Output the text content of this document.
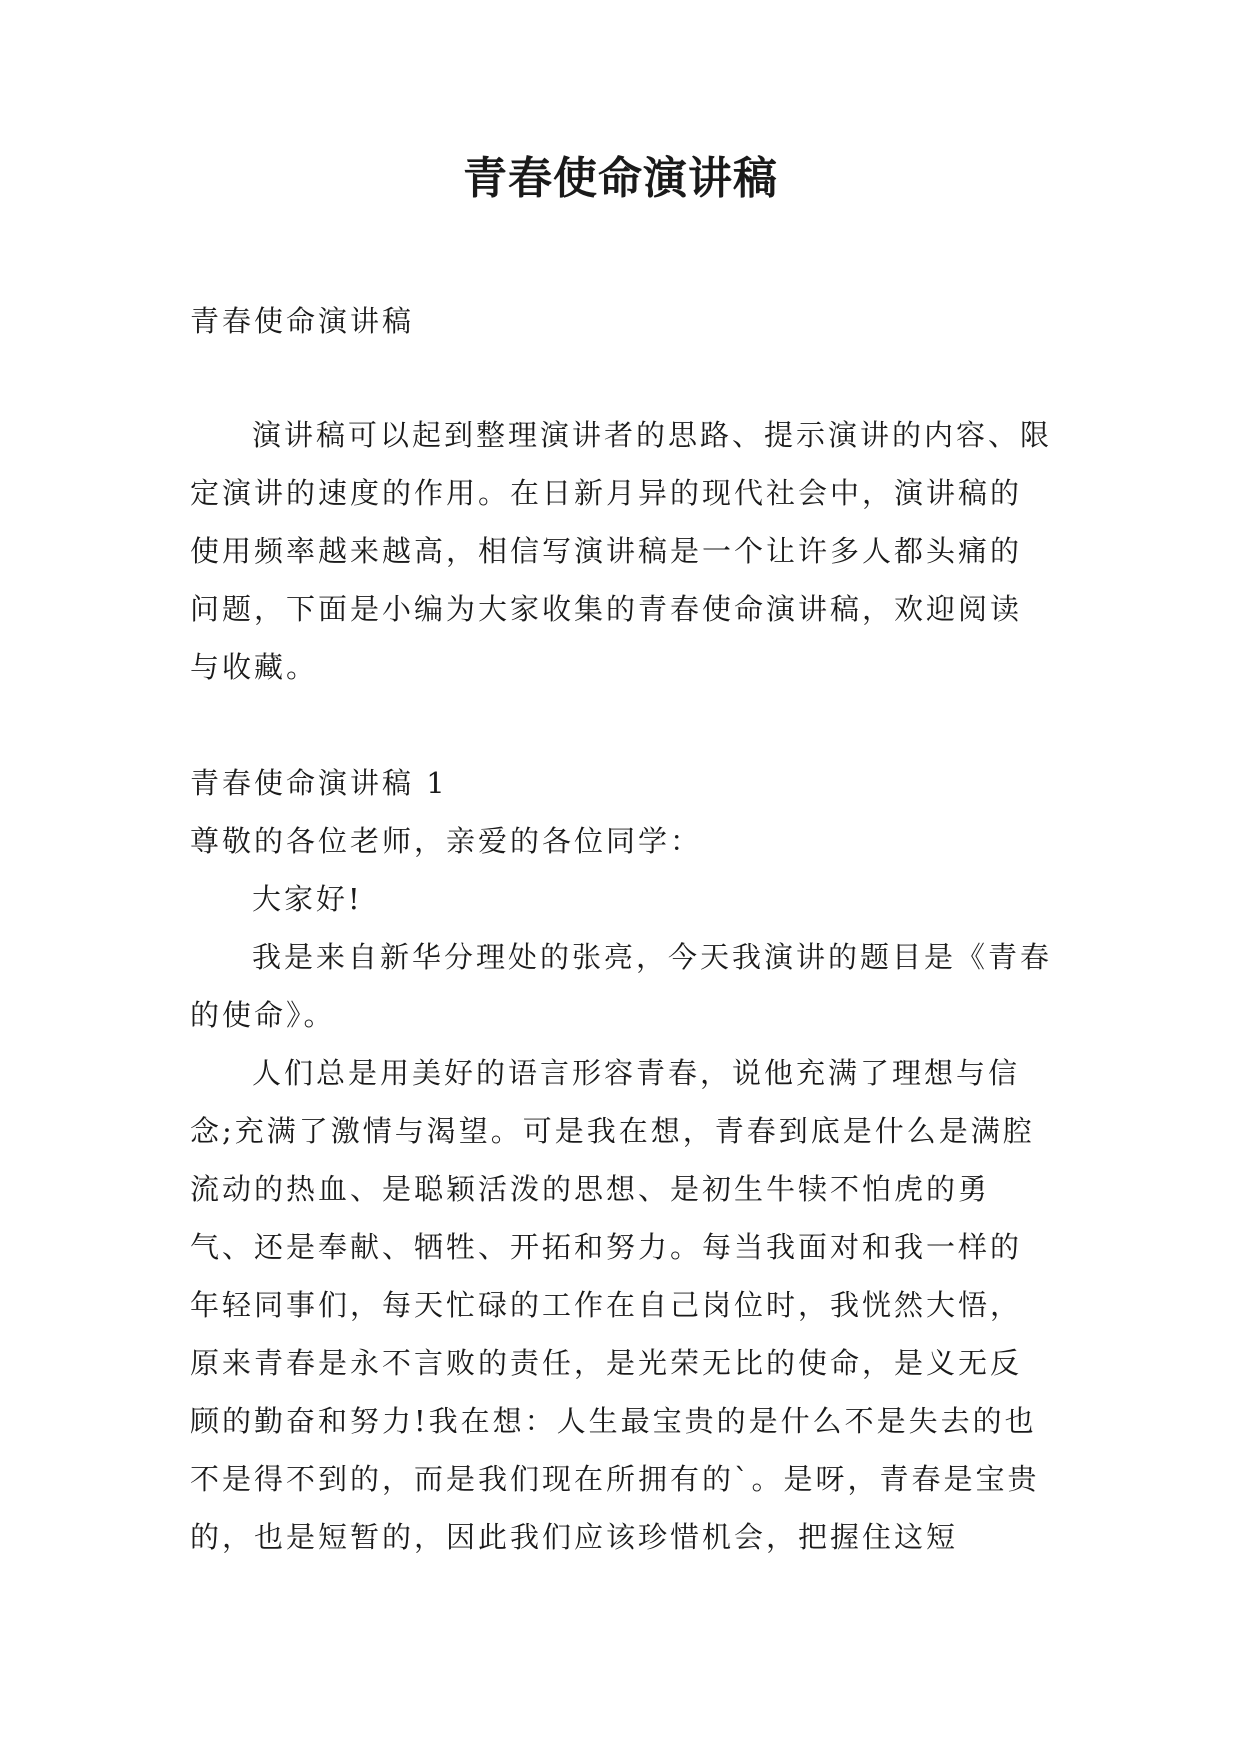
青春使命演讲稿

青春使命演讲稿

演讲稿可以起到整理演讲者的思路、提示演讲的内容、限定演讲的速度的作用。在日新月异的现代社会中，演讲稿的使用频率越来越高，相信写演讲稿是一个让许多人都头痛的问题，下面是小编为大家收集的青春使命演讲稿，欢迎阅读与收藏。

青春使命演讲稿 1

尊敬的各位老师，亲爱的各位同学：

大家好!

我是来自新华分理处的张亮，今天我演讲的题目是《青春的使命》。

人们总是用美好的语言形容青春，说他充满了理想与信念;充满了激情与渴望。可是我在想，青春到底是什么是满腔流动的热血、是聪颖活泼的思想、是初生牛犊不怕虎的勇气、还是奉献、牺牲、开拓和努力。每当我面对和我一样的年轻同事们，每天忙碌的工作在自己岗位时，我恍然大悟，原来青春是永不言败的责任，是光荣无比的使命，是义无反顾的勤奋和努力!我在想：人生最宝贵的是什么不是失去的也不是得不到的，而是我们现在所拥有的`。是呀，青春是宝贵的，也是短暂的，因此我们应该珍惜机会，把握住这短
